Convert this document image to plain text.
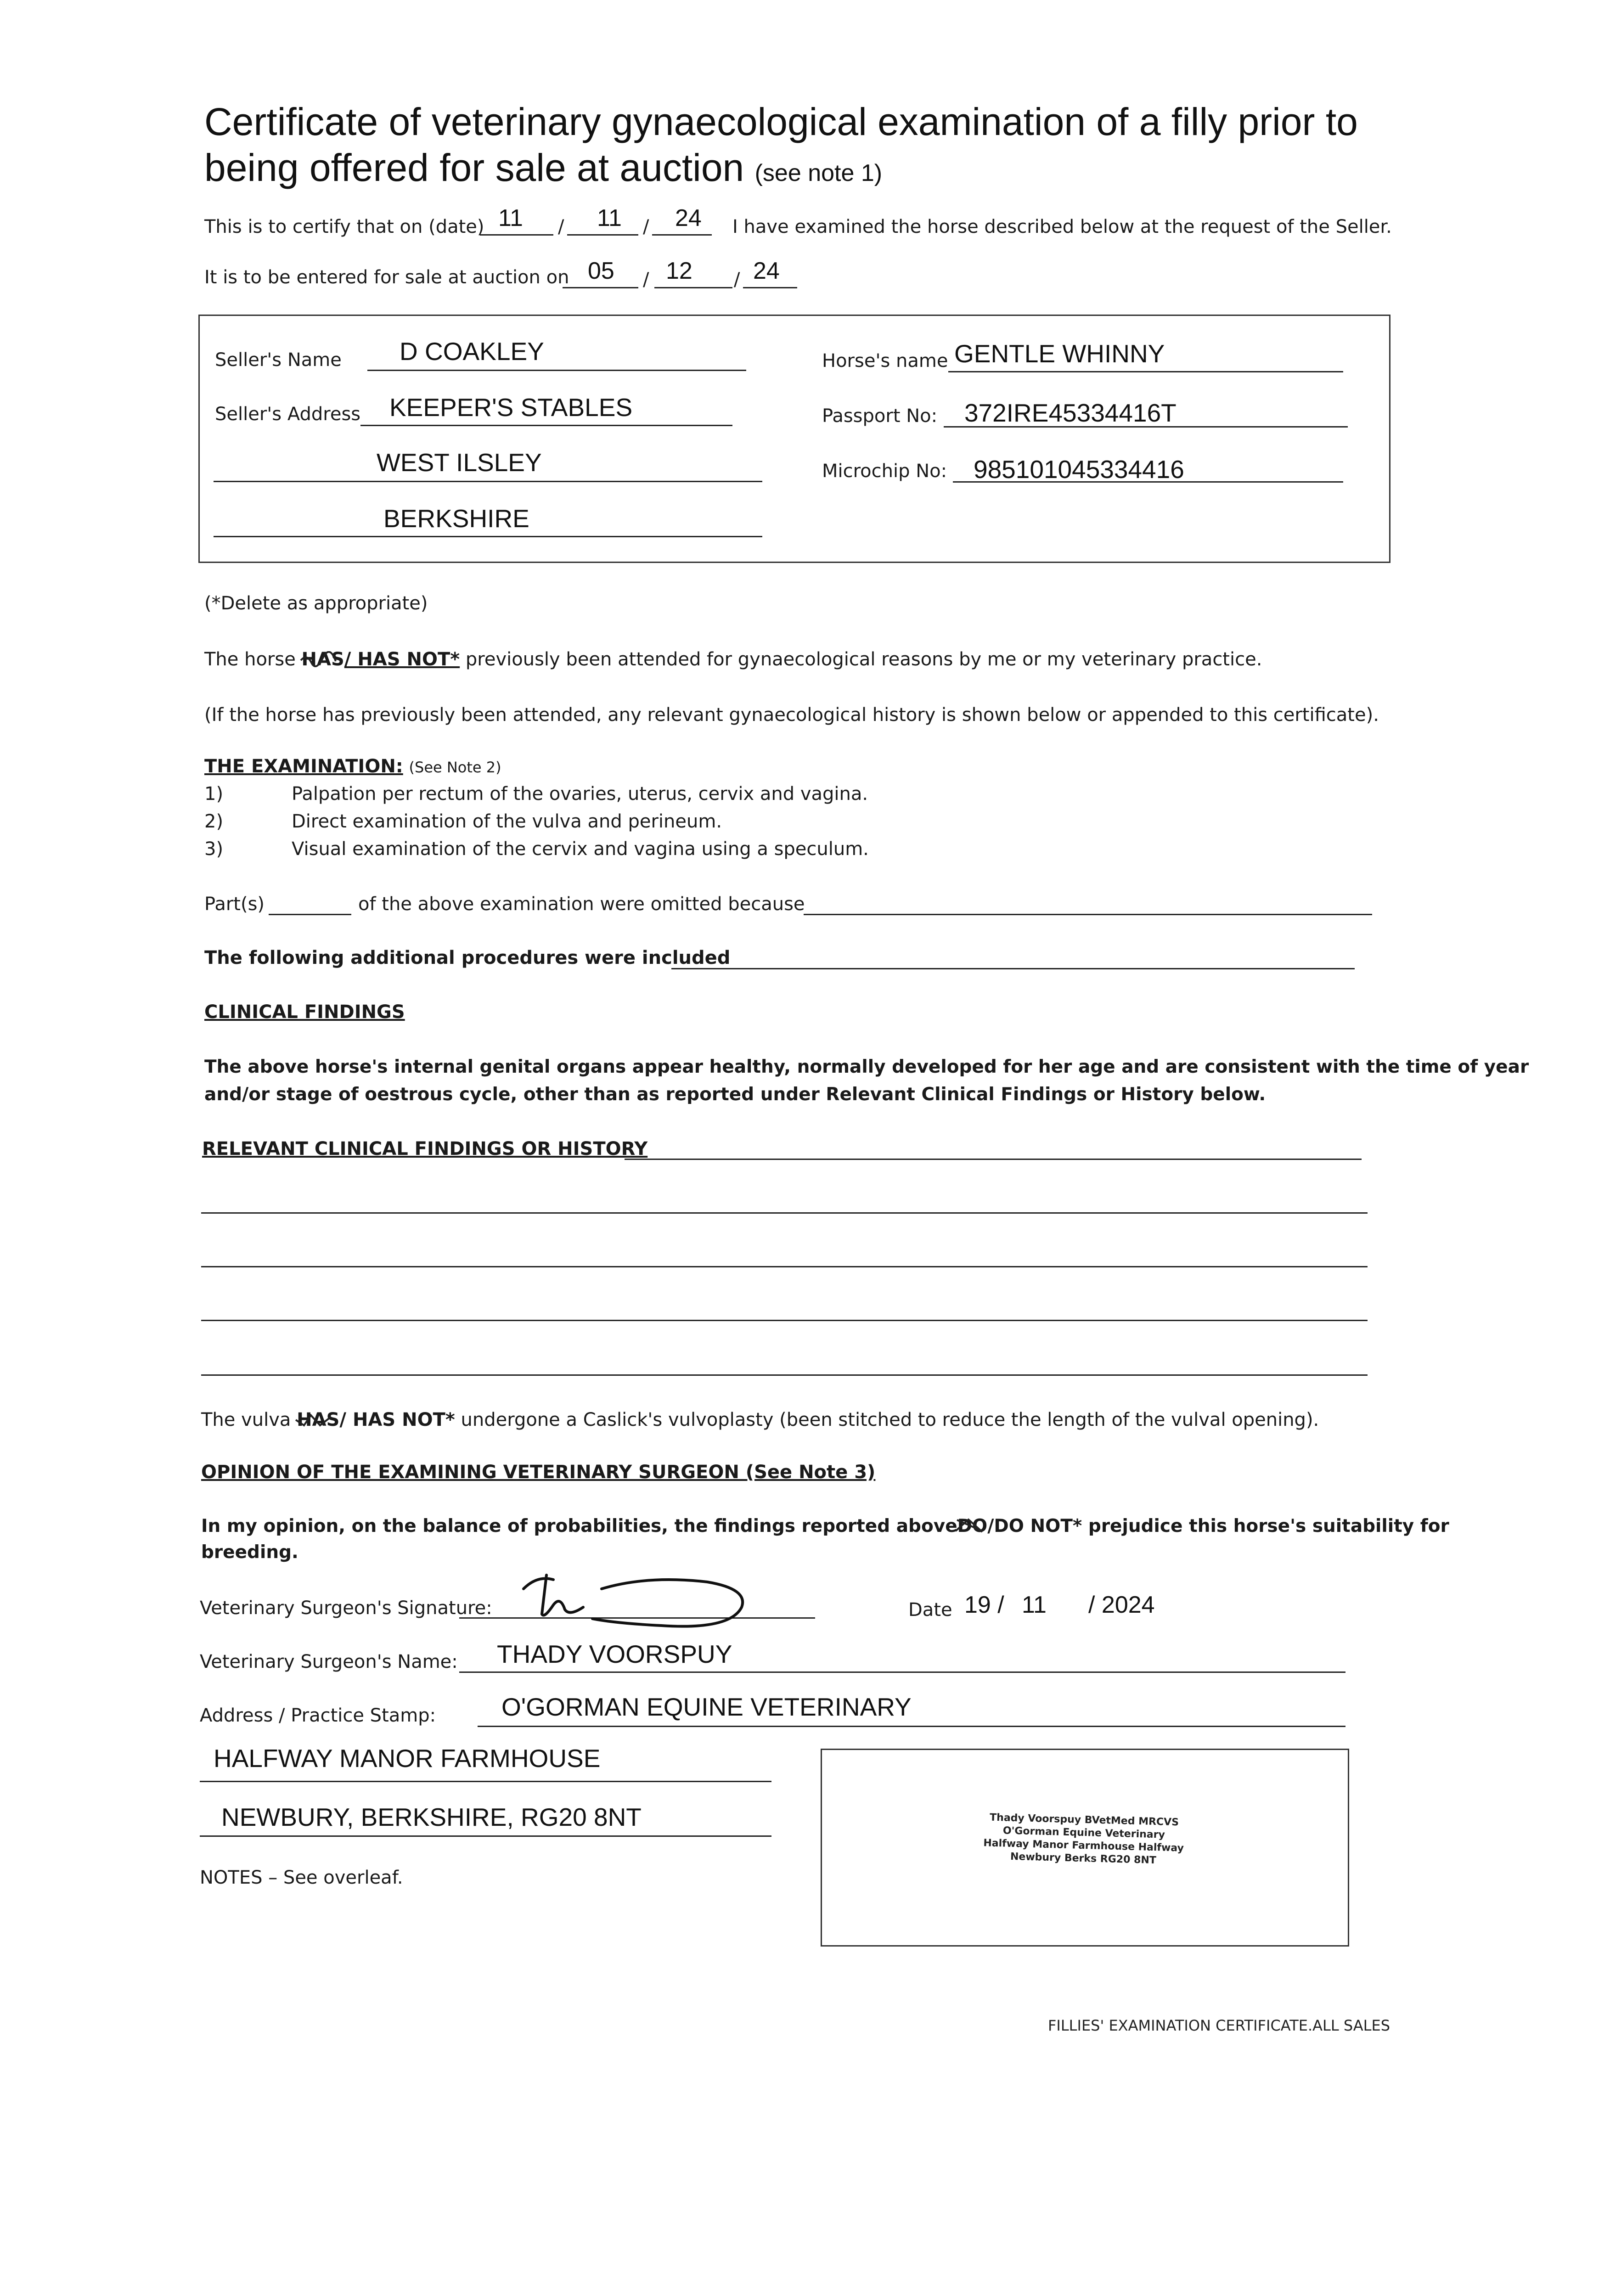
Certificate of veterinary gynaecological examination of a filly prior to
being offered for sale at auction (see note 1)
This is to certify that on (date) 11 / 11 / 24 I have examined the horse described below at the request of the Seller.
It is to be entered for sale at auction on 05 / 12 / 24
Seller's Name D COAKLEY
Seller's Address KEEPER'S STABLES
WEST ILSLEY
BERKSHIRE
Horse's name GENTLE WHINNY
Passport No: 372IRE45334416T
Microchip No: 985101045334416
(*Delete as appropriate)
The horse HAS
/ HAS NOT* previously been attended for gynaecological reasons by me or my veterinary practice.
(If the horse has previously been attended, any relevant gynaecological history is shown below or appended to this certificate).
THE EXAMINATION: (See Note 2)
1)	Palpation per rectum of the ovaries, uterus, cervix and vagina.
2)	Direct examination of the vulva and perineum.
3)	Visual examination of the cervix and vagina using a speculum.
Part(s)	of the above examination were omitted because
The following additional procedures were included
CLINICAL FINDINGS
The above horse's internal genital organs appear healthy, normally developed for her age and are consistent with the time of year
and/or stage of oestrous cycle, other than as reported under Relevant Clinical Findings or History below.
RELEVANT CLINICAL FINDINGS OR HISTORY
The vulva HAS
/ HAS NOT* undergone a Caslick's vulvoplasty (been stitched to reduce the length of the vulval opening).
OPINION OF THE EXAMINING VETERINARY SURGEON (See Note 3)
In my opinion, on the balance of probabilities, the findings reported aboveDO
/DO NOT* prejudice this horse's suitability for
breeding.
Veterinary Surgeon's Signature:	Date 19 / 11 / 2024
Veterinary Surgeon's Name: THADY VOORSPUY
Address / Practice Stamp:	O'GORMAN EQUINE VETERINARY
HALFWAY MANOR FARMHOUSE
NEWBURY, BERKSHIRE, RG20 8NT	Thady Voorspuy BVetMed MRCVS
O'Gorman Equine Veterinary
Halfway Manor Farmhouse Halfway
Newbury Berks RG20 8NT
NOTES – See overleaf.
FILLIES' EXAMINATION CERTIFICATE.ALL SALES
